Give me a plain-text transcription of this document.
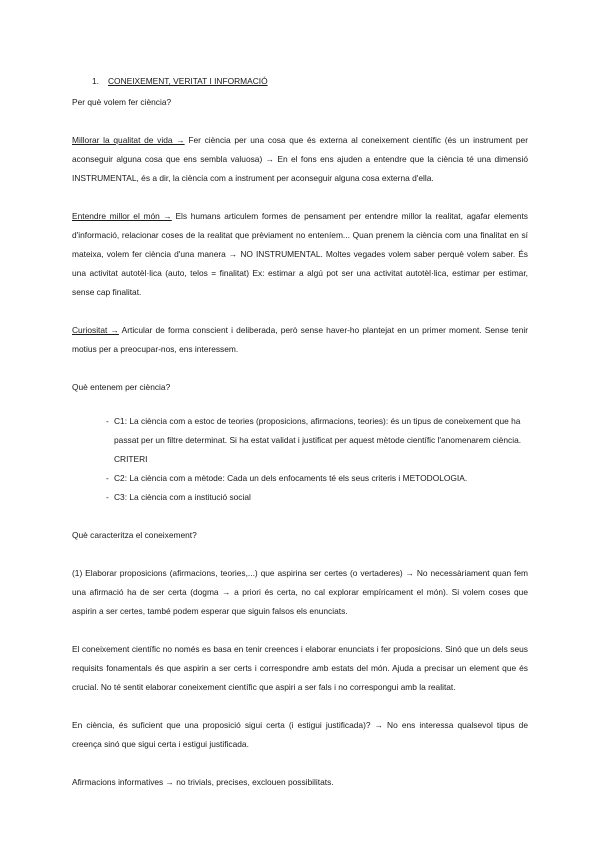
1. CONEIXEMENT, VERITAT I INFORMACIÓ

Per què volem fer ciència?

Millorar la qualitat de vida → Fer ciència per una cosa que és externa al coneixement científic (és un instrument per aconseguir alguna cosa que ens sembla valuosa) → En el fons ens ajuden a entendre que la ciència té una dimensió INSTRUMENTAL, és a dir, la ciència com a instrument per aconseguir alguna cosa externa d'ella.

Entendre millor el món → Els humans articulem formes de pensament per entendre millor la realitat, agafar elements d'informació, relacionar coses de la realitat que prèviament no enteníem... Quan prenem la ciència com una finalitat en sí mateixa, volem fer ciència d'una manera → NO INSTRUMENTAL. Moltes vegades volem saber perquè volem saber. És una activitat autotèl·lica (auto, telos = finalitat) Ex: estimar a algú pot ser una activitat autotèl·lica, estimar per estimar, sense cap finalitat.

Curiositat → Articular de forma conscient i deliberada, però sense haver-ho plantejat en un primer moment. Sense tenir motius per a preocupar-nos, ens interessem.

Què entenem per ciència?

- C1: La ciència com a estoc de teories (proposicions, afirmacions, teories): és un tipus de coneixement que ha passat per un filtre determinat. Si ha estat validat i justificat per aquest mètode científic l'anomenarem ciència. CRITERI
- C2: La ciència com a mètode: Cada un dels enfocaments té els seus criteris i METODOLOGIA.
- C3: La ciència com a institució social

Què caracteritza el coneixement?

(1) Elaborar proposicions (afirmacions, teories,...) que aspirina ser certes (o vertaderes) → No necessàriament quan fem una afirmació ha de ser certa (dogma → a priori és certa, no cal explorar empíricament el món). Si volem coses que aspirin a ser certes, també podem esperar que siguin falsos els enunciats.

El coneixement científic no només es basa en tenir creences i elaborar enunciats i fer proposicions. Sinó que un dels seus requisits fonamentals és que aspirin a ser certs i correspondre amb estats del món. Ajuda a precisar un element que és crucial. No té sentit elaborar coneixement científic que aspiri a ser fals i no correspongui amb la realitat.

En ciència, és suficient que una proposició sigui certa (i estigui justificada)? → No ens interessa qualsevol tipus de creença sinó que sigui certa i estigui justificada.

Afirmacions informatives → no trivials, precises, exclouen possibilitats.
